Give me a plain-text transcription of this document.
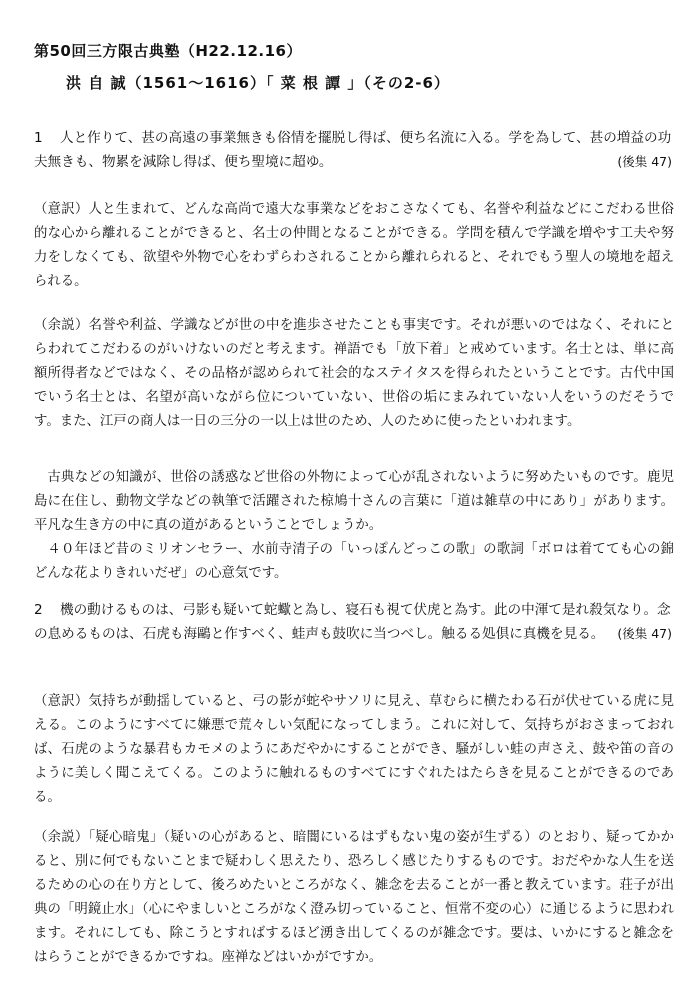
第50回三方限古典塾（H22.12.16）
洪 自 誠（1561～1616）「 菜 根 譚 」（その2-6）

1 人と作りて、甚の高遠の事業無きも俗情を擺脱し得ば、便ち名流に入る。学を為して、甚の増益の功夫無きも、物累を減除し得ば、便ち聖境に超ゆ。	(後集 47)

（意訳）人と生まれて、どんな高尚で遠大な事業などをおこさなくても、名誉や利益などにこだわる世俗的な心から離れることができると、名士の仲間となることができる。学問を積んで学識を増やす工夫や努力をしなくても、欲望や外物で心をわずらわされることから離れられると、それでもう聖人の境地を超えられる。

（余説）名誉や利益、学識などが世の中を進歩させたことも事実です。それが悪いのではなく、それにとらわれてこだわるのがいけないのだと考えます。禅語でも「放下着」と戒めています。名士とは、単に高額所得者などではなく、その品格が認められて社会的なステイタスを得られたということです。古代中国でいう名士とは、名望が高いながら位についていない、世俗の垢にまみれていない人をいうのだそうです。また、江戸の商人は一日の三分の一以上は世のため、人のために使ったといわれます。

古典などの知識が、世俗の誘惑など世俗の外物によって心が乱されないように努めたいものです。鹿児島に在住し、動物文学などの執筆で活躍された椋鳩十さんの言葉に「道は雑草の中にあり」があります。平凡な生き方の中に真の道があるということでしょうか。

４０年ほど昔のミリオンセラー、水前寺清子の「いっぽんどっこの歌」の歌詞「ボロは着てても心の錦　どんな花よりきれいだぜ」の心意気です。

2 機の動けるものは、弓影も疑いて蛇蠍と為し、寝石も視て伏虎と為す。此の中渾て是れ殺気なり。念の息めるものは、石虎も海鷗と作すべく、蛙声も鼓吹に当つべし。触るる処倶に真機を見る。 (後集 47)

（意訳）気持ちが動揺していると、弓の影が蛇やサソリに見え、草むらに横たわる石が伏せている虎に見える。このようにすべてに嫌悪で荒々しい気配になってしまう。これに対して、気持ちがおさまっておれば、石虎のような暴君もカモメのようにあだやかにすることができ、騒がしい蛙の声さえ、鼓や笛の音のように美しく聞こえてくる。このように触れるものすべてにすぐれたはたらきを見ることができるのである。

（余説）「疑心暗鬼」（疑いの心があると、暗闇にいるはずもない鬼の姿が生ずる）のとおり、疑ってかかると、別に何でもないことまで疑わしく思えたり、恐ろしく感じたりするものです。おだやかな人生を送るための心の在り方として、後ろめたいところがなく、雑念を去ることが一番と教えています。荘子が出典の「明鏡止水」（心にやましいところがなく澄み切っていること、恒常不変の心）に通じるように思われます。それにしても、除こうとすればするほど湧き出してくるのが雑念です。要は、いかにすると雑念をはらうことができるかですね。座禅などはいかがですか。
